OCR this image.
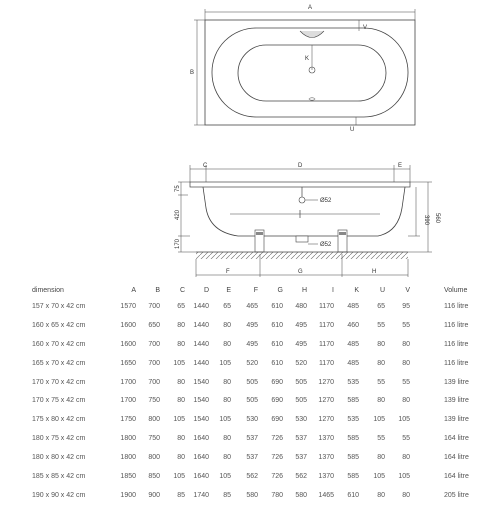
A
B
V
K
U
C	D	E
Ø52
Ø52
F	G	H
75
420
170
390 560
dimension	A	B	C	D	E	F	G	H	I	K	U	V	Volume
157 x 70 x 42 cm	1570	700	65	1440	65	465	610	480	1170	485	65	95	116 litre
160 x 65 x 42 cm	1600	650	80	1440	80	495	610	495	1170	460	55	55	116 litre
160 x 70 x 42 cm	1600	700	80	1440	80	495	610	495	1170	485	80	80	116 litre
165 x 70 x 42 cm	1650	700	105	1440	105	520	610	520	1170	485	80	80	116 litre
170 x 70 x 42 cm	1700	700	80	1540	80	505	690	505	1270	535	55	55	139 litre
170 x 75 x 42 cm	1700	750	80	1540	80	505	690	505	1270	585	80	80	139 litre
175 x 80 x 42 cm	1750	800	105	1540	105	530	690	530	1270	535	105	105	139 litre
180 x 75 x 42 cm	1800	750	80	1640	80	537	726	537	1370	585	55	55	164 litre
180 x 80 x 42 cm	1800	800	80	1640	80	537	726	537	1370	585	80	80	164 litre
185 x 85 x 42 cm	1850	850	105	1640	105	562	726	562	1370	585	105	105	164 litre
190 x 90 x 42 cm	1900	900	85	1740	85	580	780	580	1465	610	80	80	205 litre
